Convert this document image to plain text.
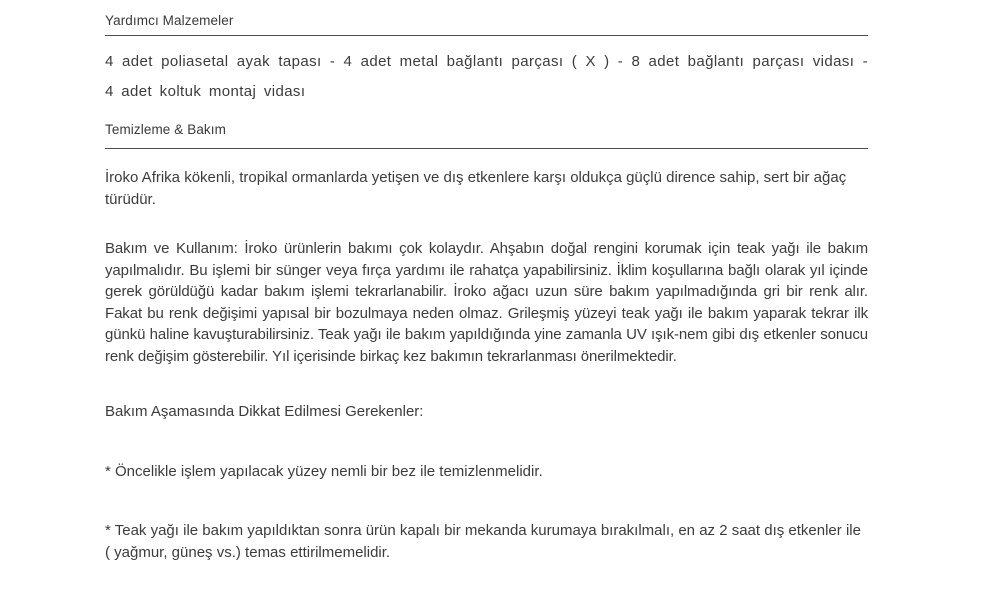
Yardımcı Malzemeler

4 adet poliasetal ayak tapası - 4 adet metal bağlantı parçası ( X ) - 8 adet bağlantı parçası vidası - 4 adet koltuk montaj vidası

Temizleme & Bakım

İroko Afrika kökenli, tropikal ormanlarda yetişen ve dış etkenlere karşı oldukça güçlü dirence sahip, sert bir ağaç türüdür.

Bakım ve Kullanım: İroko ürünlerin bakımı çok kolaydır. Ahşabın doğal rengini korumak için teak yağı ile bakım yapılmalıdır. Bu işlemi bir sünger veya fırça yardımı ile rahatça yapabilirsiniz. İklim koşullarına bağlı olarak yıl içinde gerek görüldüğü kadar bakım işlemi tekrarlanabilir. İroko ağacı uzun süre bakım yapılmadığında gri bir renk alır. Fakat bu renk değişimi yapısal bir bozulmaya neden olmaz. Grileşmiş yüzeyi teak yağı ile bakım yaparak tekrar ilk günkü haline kavuşturabilirsiniz. Teak yağı ile bakım yapıldığında yine zamanla UV ışık-nem gibi dış etkenler sonucu renk değişim gösterebilir. Yıl içerisinde birkaç kez bakımın tekrarlanması önerilmektedir.

Bakım Aşamasında Dikkat Edilmesi Gerekenler:

* Öncelikle işlem yapılacak yüzey nemli bir bez ile temizlenmelidir.

* Teak yağı ile bakım yapıldıktan sonra ürün kapalı bir mekanda kurumaya bırakılmalı, en az 2 saat dış etkenler ile ( yağmur, güneş vs.) temas ettirilmemelidir.
